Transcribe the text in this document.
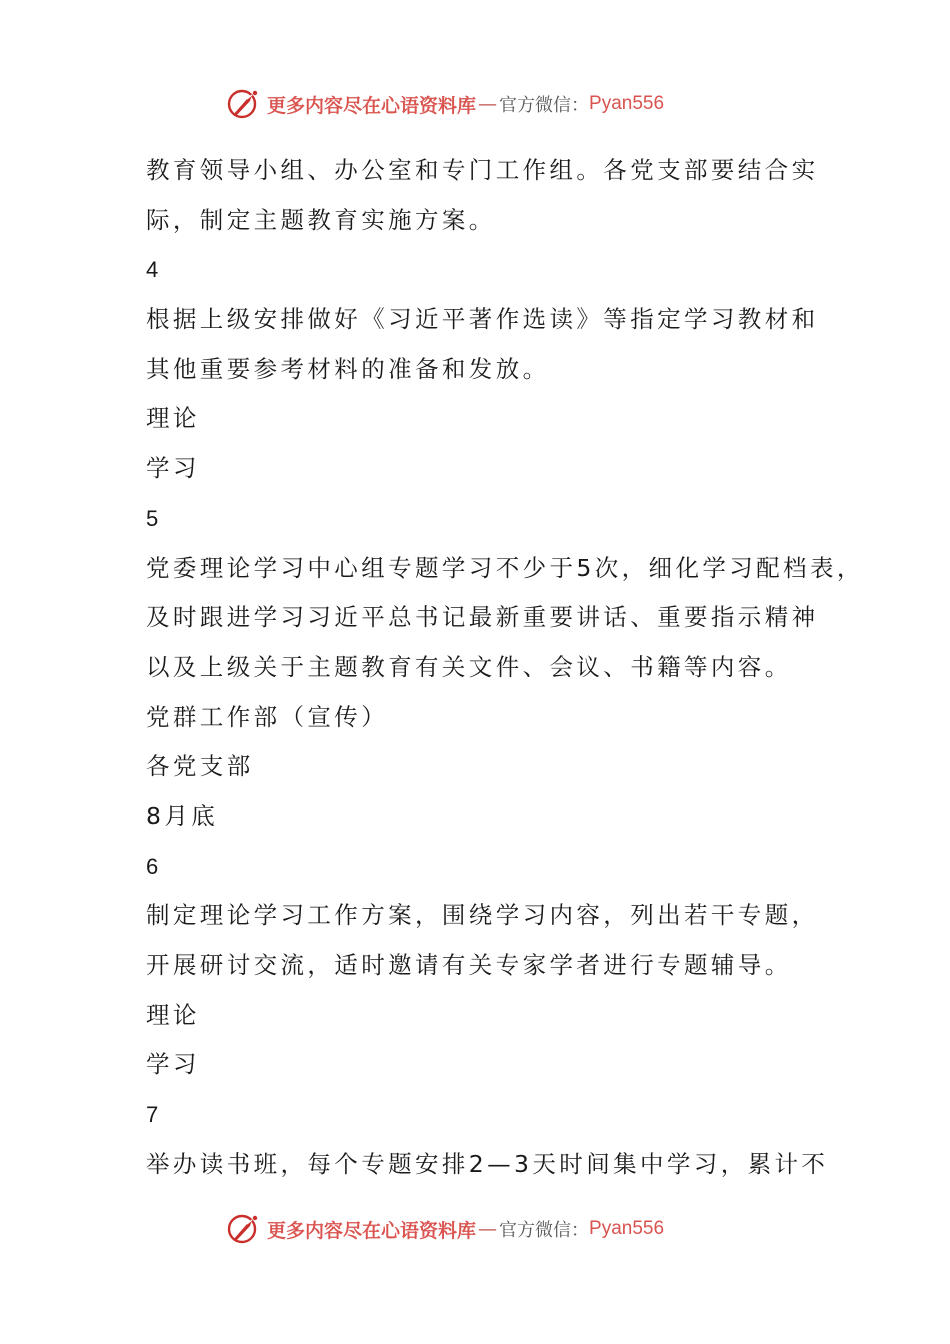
更多内容尽在心语资料库 — 官方微信： Pyan556
教育领导小组、办公室和专门工作组。各党支部要结合实
际，制定主题教育实施方案。
4
根据上级安排做好《习近平著作选读》等指定学习教材和
其他重要参考材料的准备和发放。
理论
学习
5
党委理论学习中心组专题学习不少于5次，细化学习配档表，
及时跟进学习习近平总书记最新重要讲话、重要指示精神
以及上级关于主题教育有关文件、会议、书籍等内容。
党群工作部（宣传）
各党支部
8月底
6
制定理论学习工作方案，围绕学习内容，列出若干专题，
开展研讨交流，适时邀请有关专家学者进行专题辅导。
理论
学习
7
举办读书班，每个专题安排2—3天时间集中学习，累计不
更多内容尽在心语资料库 — 官方微信： Pyan556
